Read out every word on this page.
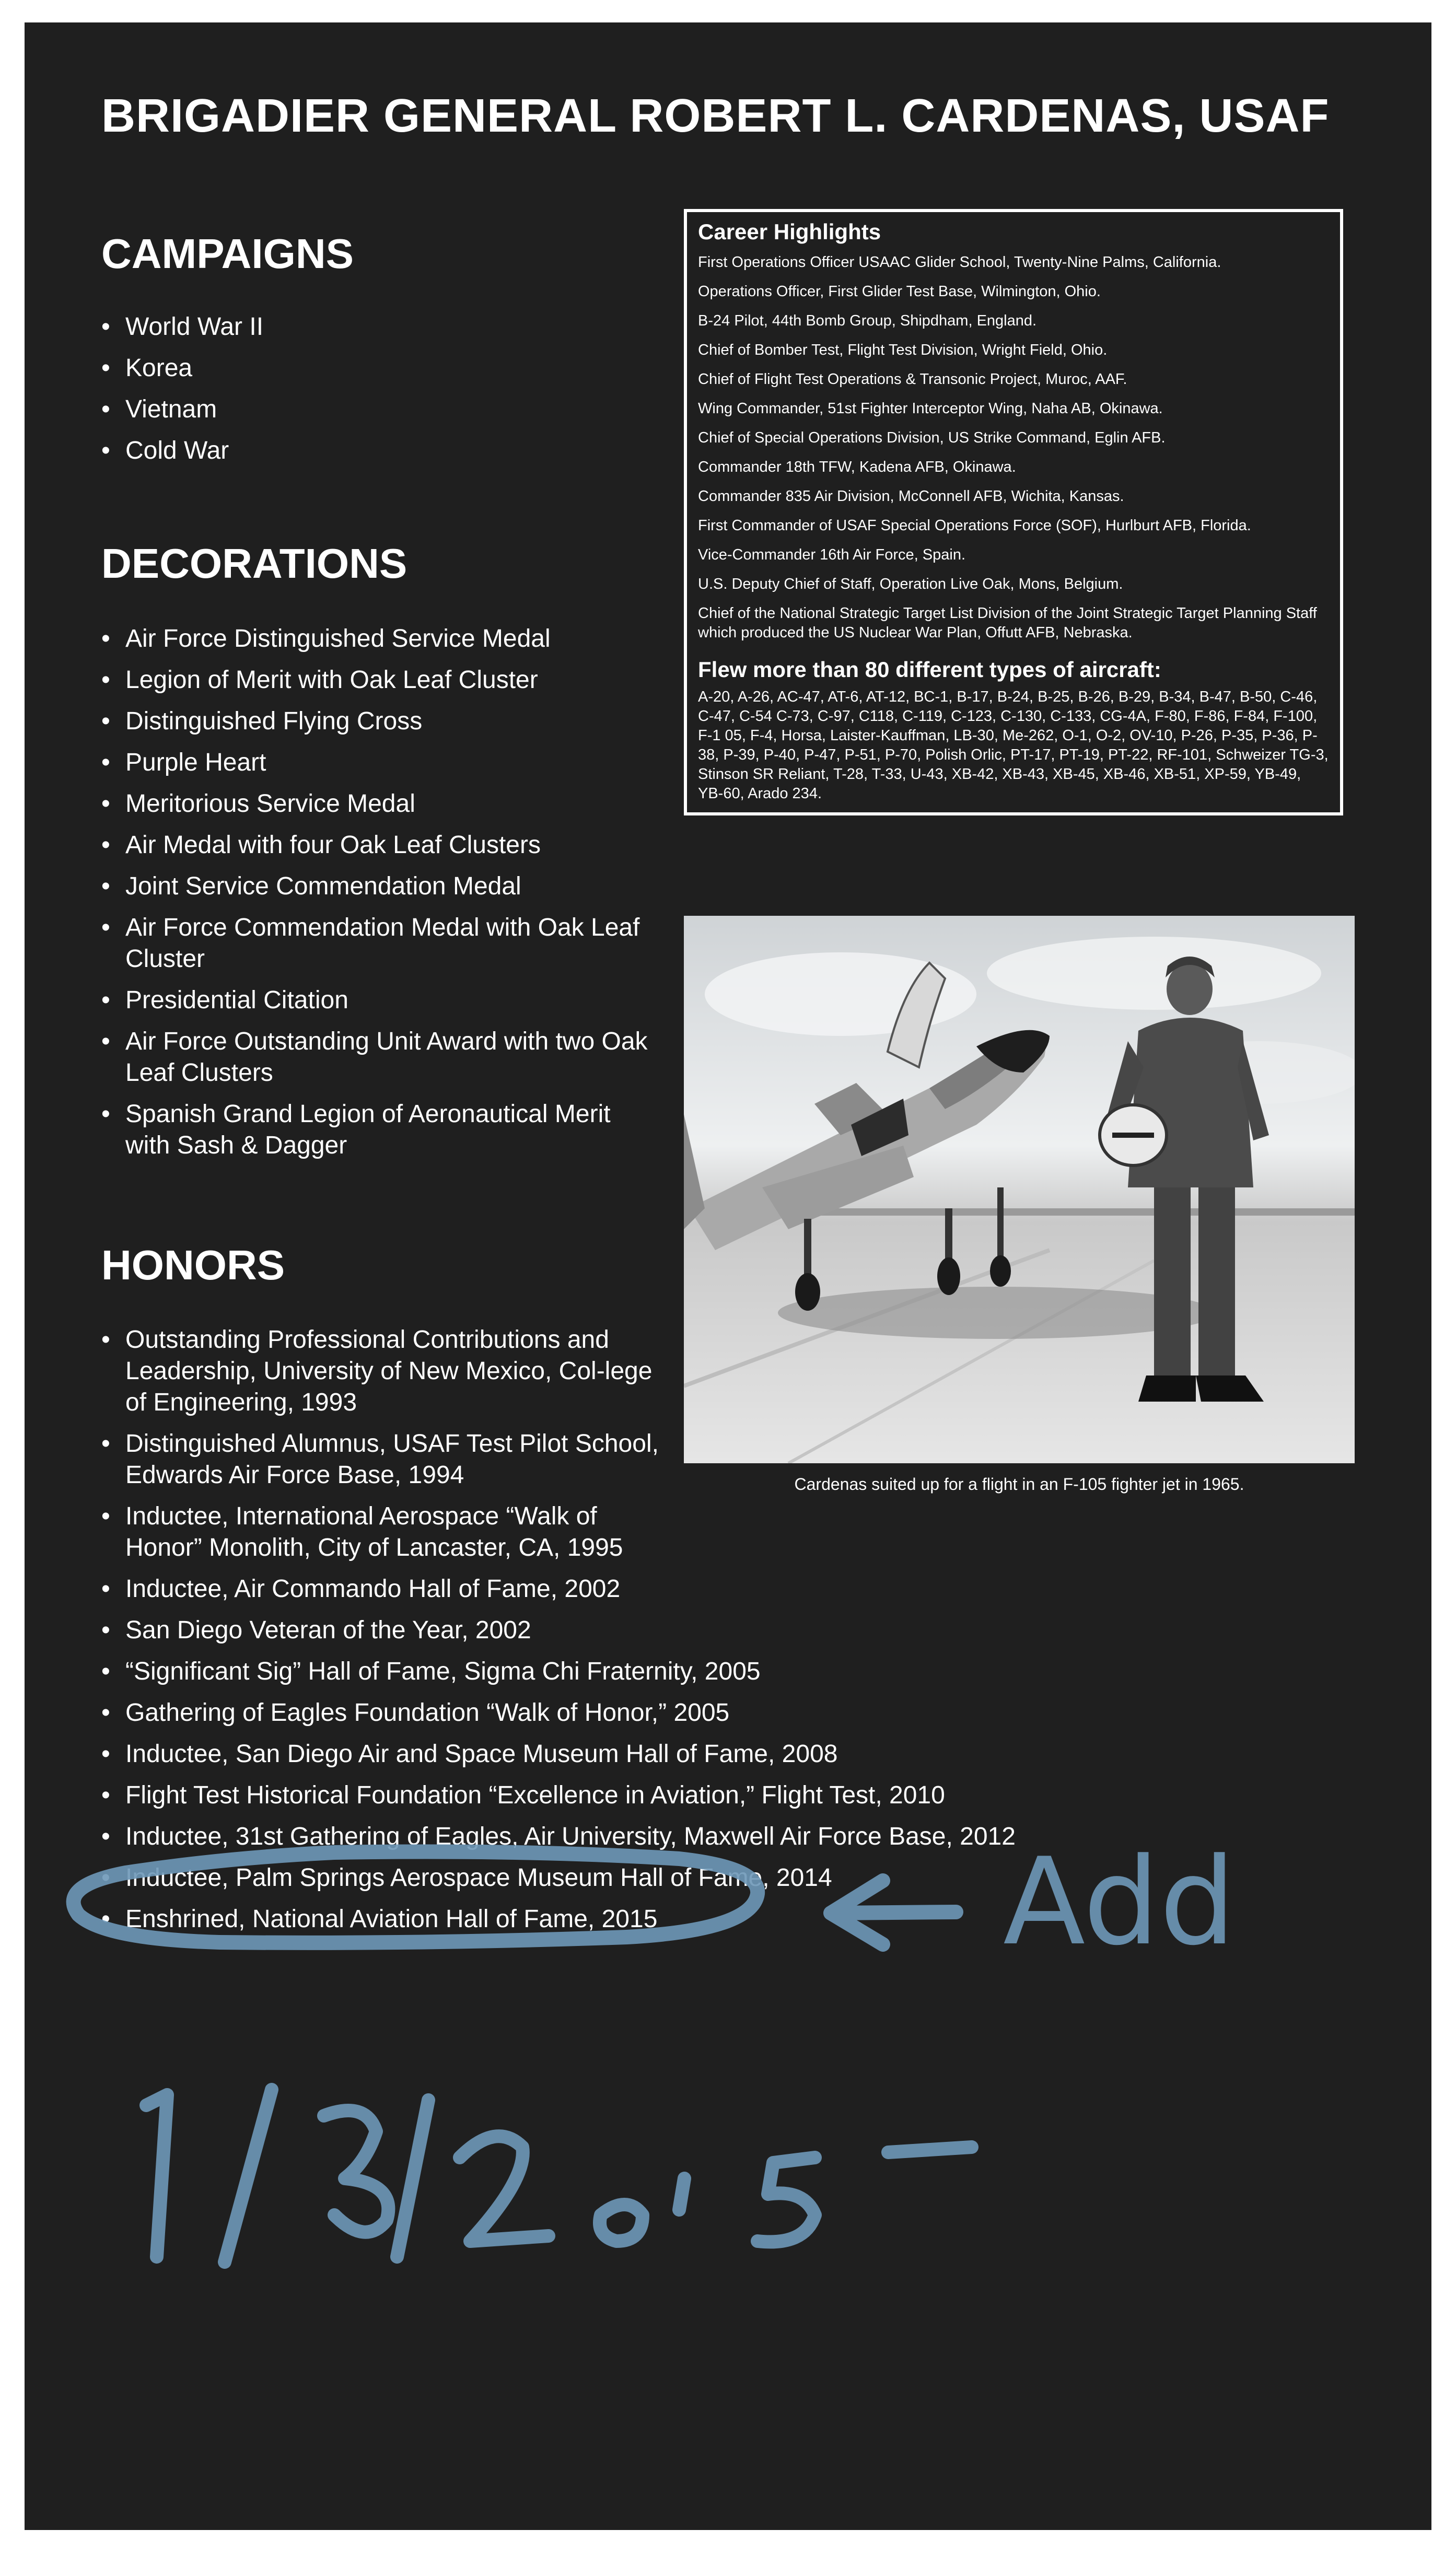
BRIGADIER GENERAL ROBERT L. CARDENAS, USAF
CAMPAIGNS
• World War II
• Korea
• Vietnam
• Cold War
DECORATIONS
• Air Force Distinguished Service Medal
• Legion of Merit with Oak Leaf Cluster
• Distinguished Flying Cross
• Purple Heart
• Meritorious Service Medal
• Air Medal with four Oak Leaf Clusters
• Joint Service Commendation Medal
• Air Force Commendation Medal with Oak Leaf Cluster
• Presidential Citation
• Air Force Outstanding Unit Award with two Oak Leaf Clusters
• Spanish Grand Legion of Aeronautical Merit with Sash & Dagger
HONORS
• Outstanding Professional Contributions and Leadership, University of New Mexico, Col-lege of Engineering, 1993
• Distinguished Alumnus, USAF Test Pilot School, Edwards Air Force Base, 1994
• Inductee, International Aerospace “Walk of Honor” Monolith, City of Lancaster, CA, 1995
• Inductee, Air Commando Hall of Fame, 2002
• San Diego Veteran of the Year, 2002
• “Significant Sig” Hall of Fame, Sigma Chi Fraternity, 2005
• Gathering of Eagles Foundation “Walk of Honor,” 2005
• Inductee, San Diego Air and Space Museum Hall of Fame, 2008
• Flight Test Historical Foundation “Excellence in Aviation,” Flight Test, 2010
• Inductee, 31st Gathering of Eagles, Air University, Maxwell Air Force Base, 2012
• Inductee, Palm Springs Aerospace Museum Hall of Fame, 2014
• Enshrined, National Aviation Hall of Fame, 2015
Career Highlights
First Operations Officer USAAC Glider School, Twenty-Nine Palms, California.
Operations Officer, First Glider Test Base, Wilmington, Ohio.
B-24 Pilot, 44th Bomb Group, Shipdham, England.
Chief of Bomber Test, Flight Test Division, Wright Field, Ohio.
Chief of Flight Test Operations & Transonic Project, Muroc, AAF.
Wing Commander, 51st Fighter Interceptor Wing, Naha AB, Okinawa.
Chief of Special Operations Division, US Strike Command, Eglin AFB.
Commander 18th TFW, Kadena AFB, Okinawa.
Commander 835 Air Division, McConnell AFB, Wichita, Kansas.
First Commander of USAF Special Operations Force (SOF), Hurlburt AFB, Florida.
Vice-Commander 16th Air Force, Spain.
U.S. Deputy Chief of Staff, Operation Live Oak, Mons, Belgium.
Chief of the National Strategic Target List Division of the Joint Strategic Target Planning Staff which produced the US Nuclear War Plan, Offutt AFB, Nebraska.
Flew more than 80 different types of aircraft:

A-20, A-26, AC-47, AT-6, AT-12, BC-1, B-17, B-24, B-25, B-26, B-29, B-34, B-47, B-50, C-46, C-47, C-54 C-73, C-97, C118, C-119, C-123, C-130, C-133, CG-4A, F-80, F-86, F-84, F-100, F-1 05, F-4, Horsa, Laister-Kauffman, LB-30, Me-262, O-1, O-2, OV-10, P-26, P-35, P-36, P-38, P-39, P-40, P-47, P-51, P-70, Polish Orlic, PT-17, PT-19, PT-22, RF-101, Schweizer TG-3, Stinson SR Reliant, T-28, T-33, U-43, XB-42, XB-43, XB-45, XB-46, XB-51, XP-59, YB-49, YB-60, Arado 234.

Cardenas suited up for a flight in an F-105 fighter jet in 1965.

Add
